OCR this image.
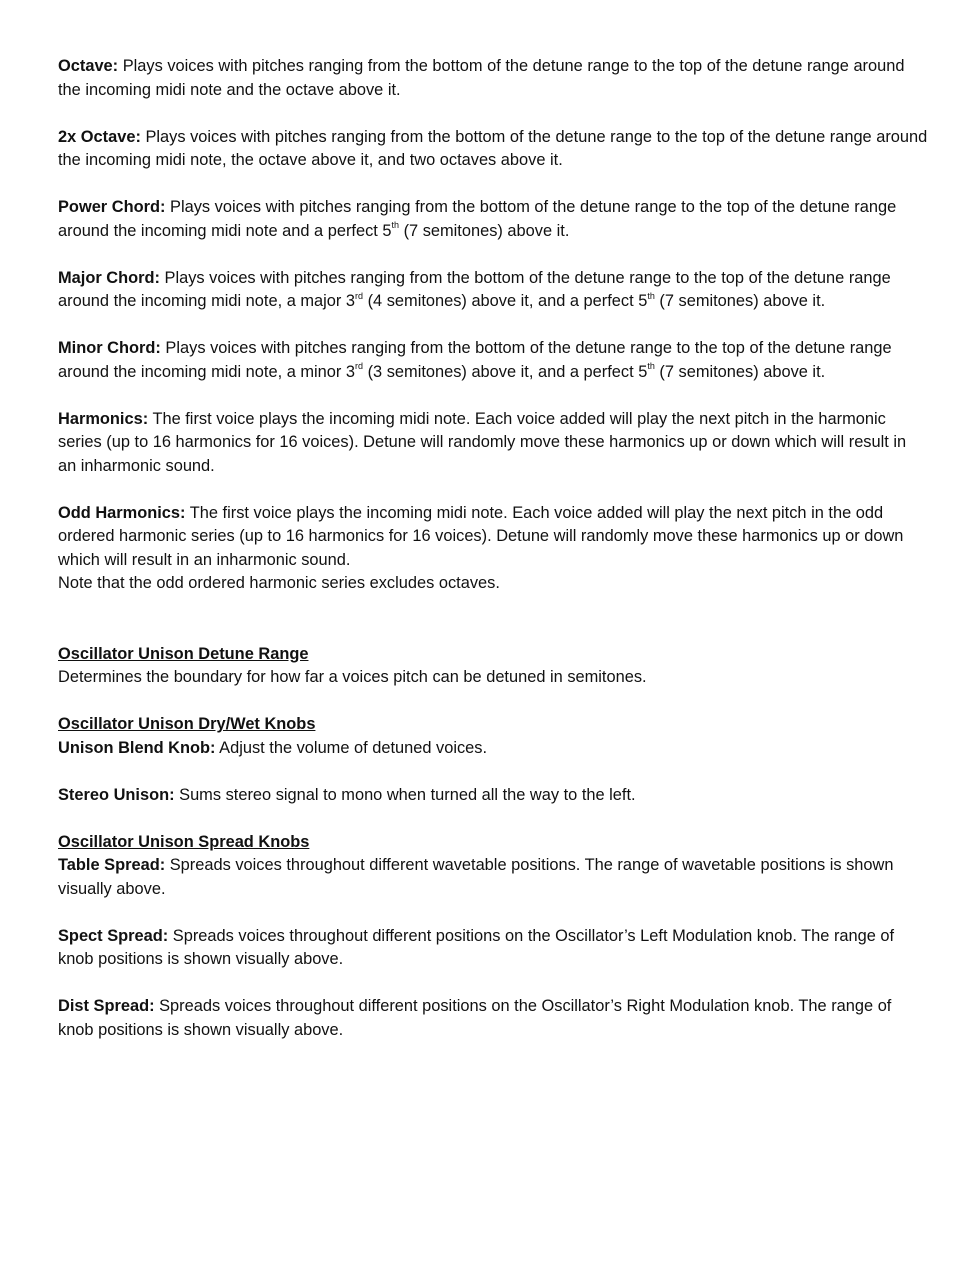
Octave: Plays voices with pitches ranging from the bottom of the detune range to the top of the detune range around the incoming midi note and the octave above it.

2x Octave: Plays voices with pitches ranging from the bottom of the detune range to the top of the detune range around the incoming midi note, the octave above it, and two octaves above it.

Power Chord: Plays voices with pitches ranging from the bottom of the detune range to the top of the detune range around the incoming midi note and a perfect 5th (7 semitones) above it.

Major Chord: Plays voices with pitches ranging from the bottom of the detune range to the top of the detune range around the incoming midi note, a major 3rd (4 semitones) above it, and a perfect 5th (7 semitones) above it.

Minor Chord: Plays voices with pitches ranging from the bottom of the detune range to the top of the detune range around the incoming midi note, a minor 3rd (3 semitones) above it, and a perfect 5th (7 semitones) above it.

Harmonics: The first voice plays the incoming midi note. Each voice added will play the next pitch in the harmonic series (up to 16 harmonics for 16 voices). Detune will randomly move these harmonics up or down which will result in an inharmonic sound.

Odd Harmonics: The first voice plays the incoming midi note. Each voice added will play the next pitch in the odd ordered harmonic series (up to 16 harmonics for 16 voices). Detune will randomly move these harmonics up or down which will result in an inharmonic sound.

Note that the odd ordered harmonic series excludes octaves.

Oscillator Unison Detune Range

Determines the boundary for how far a voices pitch can be detuned in semitones.

Oscillator Unison Dry/Wet Knobs

Unison Blend Knob: Adjust the volume of detuned voices.

Stereo Unison: Sums stereo signal to mono when turned all the way to the left.

Oscillator Unison Spread Knobs

Table Spread: Spreads voices throughout different wavetable positions. The range of wavetable positions is shown visually above.

Spect Spread: Spreads voices throughout different positions on the Oscillator’s Left Modulation knob. The range of knob positions is shown visually above.

Dist Spread: Spreads voices throughout different positions on the Oscillator’s Right Modulation knob. The range of knob positions is shown visually above.
